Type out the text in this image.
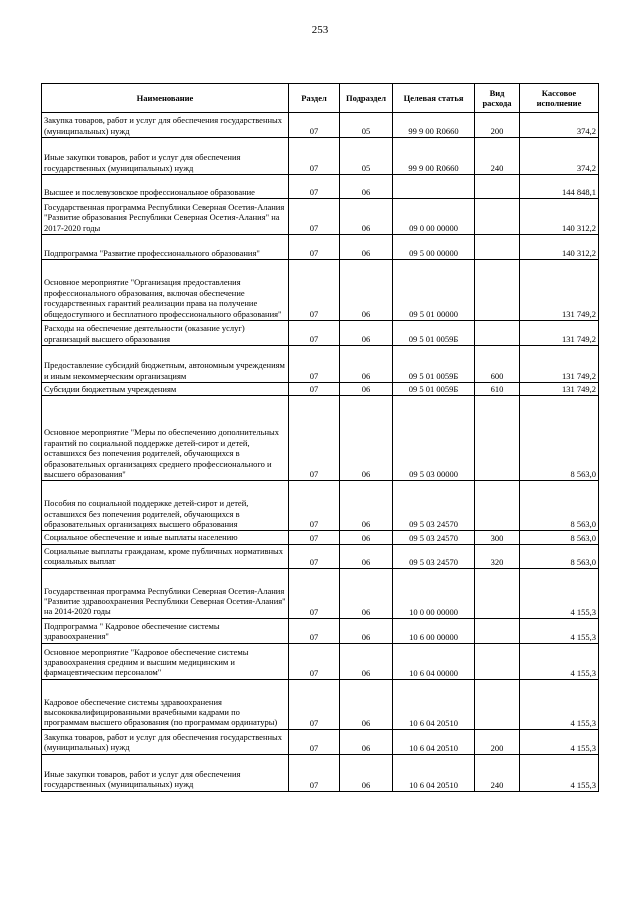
253
Наименование	Раздел	Подраздел	Целевая статья	Вид расхода	Кассовое исполнение
Закупка товаров, работ и услуг для обеспечения государственных (муниципальных) нужд	07	05	99 9 00 R0660	200	374,2
Иные закупки товаров, работ и услуг для обеспечения государственных (муниципальных) нужд	07	05	99 9 00 R0660	240	374,2
Высшее и послевузовское профессиональное образование	07	06			144 848,1
Государственная программа Республики Северная Осетия-Алания "Развитие образования Республики Северная Осетия-Алания" на 2017-2020 годы	07	06	09 0 00 00000		140 312,2
Подпрограмма "Развитие профессионального образования"	07	06	09 5 00 00000		140 312,2
Основное мероприятие "Организация предоставления профессионального образования, включая обеспечение государственных гарантий реализации права на получение общедоступного и бесплатного профессионального образования"	07	06	09 5 01 00000		131 749,2
Расходы на обеспечение деятельности (оказание услуг) организаций высшего образования	07	06	09 5 01 0059Б		131 749,2
Предоставление субсидий бюджетным, автономным учреждениям и иным некоммерческим организациям	07	06	09 5 01 0059Б	600	131 749,2
Субсидии бюджетным учреждениям	07	06	09 5 01 0059Б	610	131 749,2
Основное мероприятие "Меры по обеспечению дополнительных гарантий по социальной поддержке детей-сирот и детей, оставшихся без попечения родителей, обучающихся в образовательных организациях среднего профессионального и высшего образования"	07	06	09 5 03 00000		8 563,0
Пособия по социальной поддержке детей-сирот и детей, оставшихся без попечения родителей, обучающихся в образовательных организациях высшего образования	07	06	09 5 03 24570		8 563,0
Социальное обеспечение и иные выплаты населению	07	06	09 5 03 24570	300	8 563,0
Социальные выплаты гражданам, кроме публичных нормативных социальных выплат	07	06	09 5 03 24570	320	8 563,0
Государственная программа Республики Северная Осетия-Алания "Развитие здравоохранения Республики Северная Осетия-Алания" на 2014-2020 годы	07	06	10 0 00 00000		4 155,3
Подпрограмма " Кадровое обеспечение системы здравоохранения"	07	06	10 6 00 00000		4 155,3
Основное мероприятие "Кадровое обеспечение системы здравоохранения средним и высшим медицинским и фармацевтическим персоналом"	07	06	10 6 04 00000		4 155,3
Кадровое обеспечение системы здравоохранения высококвалифицированными врачебными кадрами по программам высшего образования (по программам ординатуры)	07	06	10 6 04 20510		4 155,3
Закупка товаров, работ и услуг для обеспечения государственных (муниципальных) нужд	07	06	10 6 04 20510	200	4 155,3
Иные закупки товаров, работ и услуг для обеспечения государственных (муниципальных) нужд	07	06	10 6 04 20510	240	4 155,3
